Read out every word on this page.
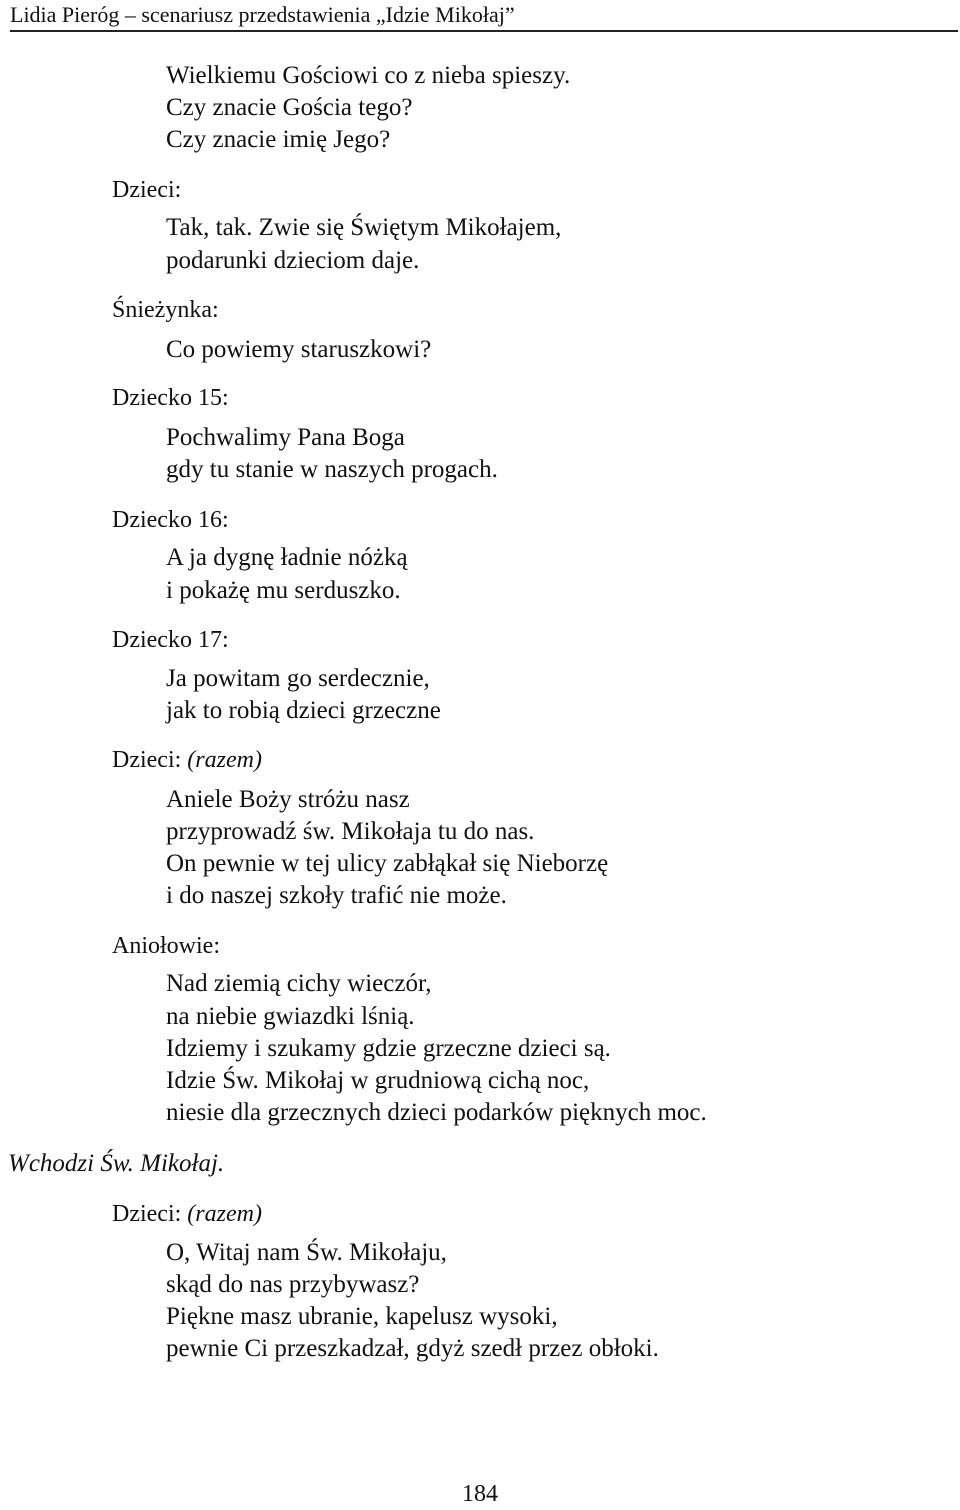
Lidia Pieróg – scenariusz przedstawienia „Idzie Mikołaj”
Wielkiemu Gościowi co z nieba spieszy.
Czy znacie Gościa tego?
Czy znacie imię Jego?
Dzieci:
Tak, tak. Zwie się Świętym Mikołajem,
podarunki dzieciom daje.
Śnieżynka:
Co powiemy staruszkowi?
Dziecko 15:
Pochwalimy Pana Boga
gdy tu stanie w naszych progach.
Dziecko 16:
A ja dygnę ładnie nóżką
i pokażę mu serduszko.
Dziecko 17:
Ja powitam go serdecznie,
jak to robią dzieci grzeczne
Dzieci: (razem)
Aniele Boży stróżu nasz
przyprowadź św. Mikołaja tu do nas.
On pewnie w tej ulicy zabłąkał się Nieborzę
i do naszej szkoły trafić nie może.
Aniołowie:
Nad ziemią cichy wieczór,
na niebie gwiazdki lśnią.
Idziemy i szukamy gdzie grzeczne dzieci są.
Idzie Św. Mikołaj w grudniową cichą noc,
niesie dla grzecznych dzieci podarków pięknych moc.
Wchodzi Św. Mikołaj.
Dzieci: (razem)
O, Witaj nam Św. Mikołaju,
skąd do nas przybywasz?
Piękne masz ubranie, kapelusz wysoki,
pewnie Ci przeszkadzał, gdyż szedł przez obłoki.
184
